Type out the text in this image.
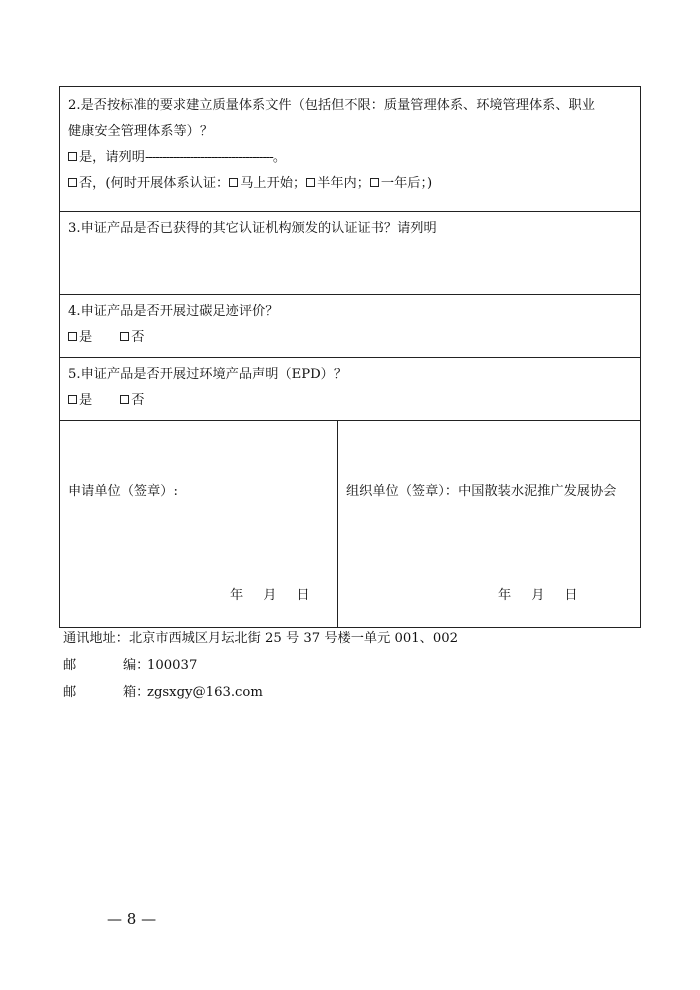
2.是否按标准的要求建立质量体系文件（包括但不限：质量管理体系、环境管理体系、职业
健康安全管理体系等）？
是，请列明-------------------------------------。
否，(何时开展体系认证： 马上开始； 半年内； 一年后；)

3.申证产品是否已获得的其它认证机构颁发的认证证书？请列明

4.申证产品是否开展过碳足迹评价？
是	否

5.申证产品是否开展过环境产品声明（EPD）？
是	否

申请单位（签章）:
年 月 日

组织单位（签章）：中国散装水泥推广发展协会
年 月 日
通讯地址：北京市西城区月坛北街 25 号 37 号楼一单元 001、002
邮	编：100037
邮	箱：zgsxgy@163.com
— 8 —
